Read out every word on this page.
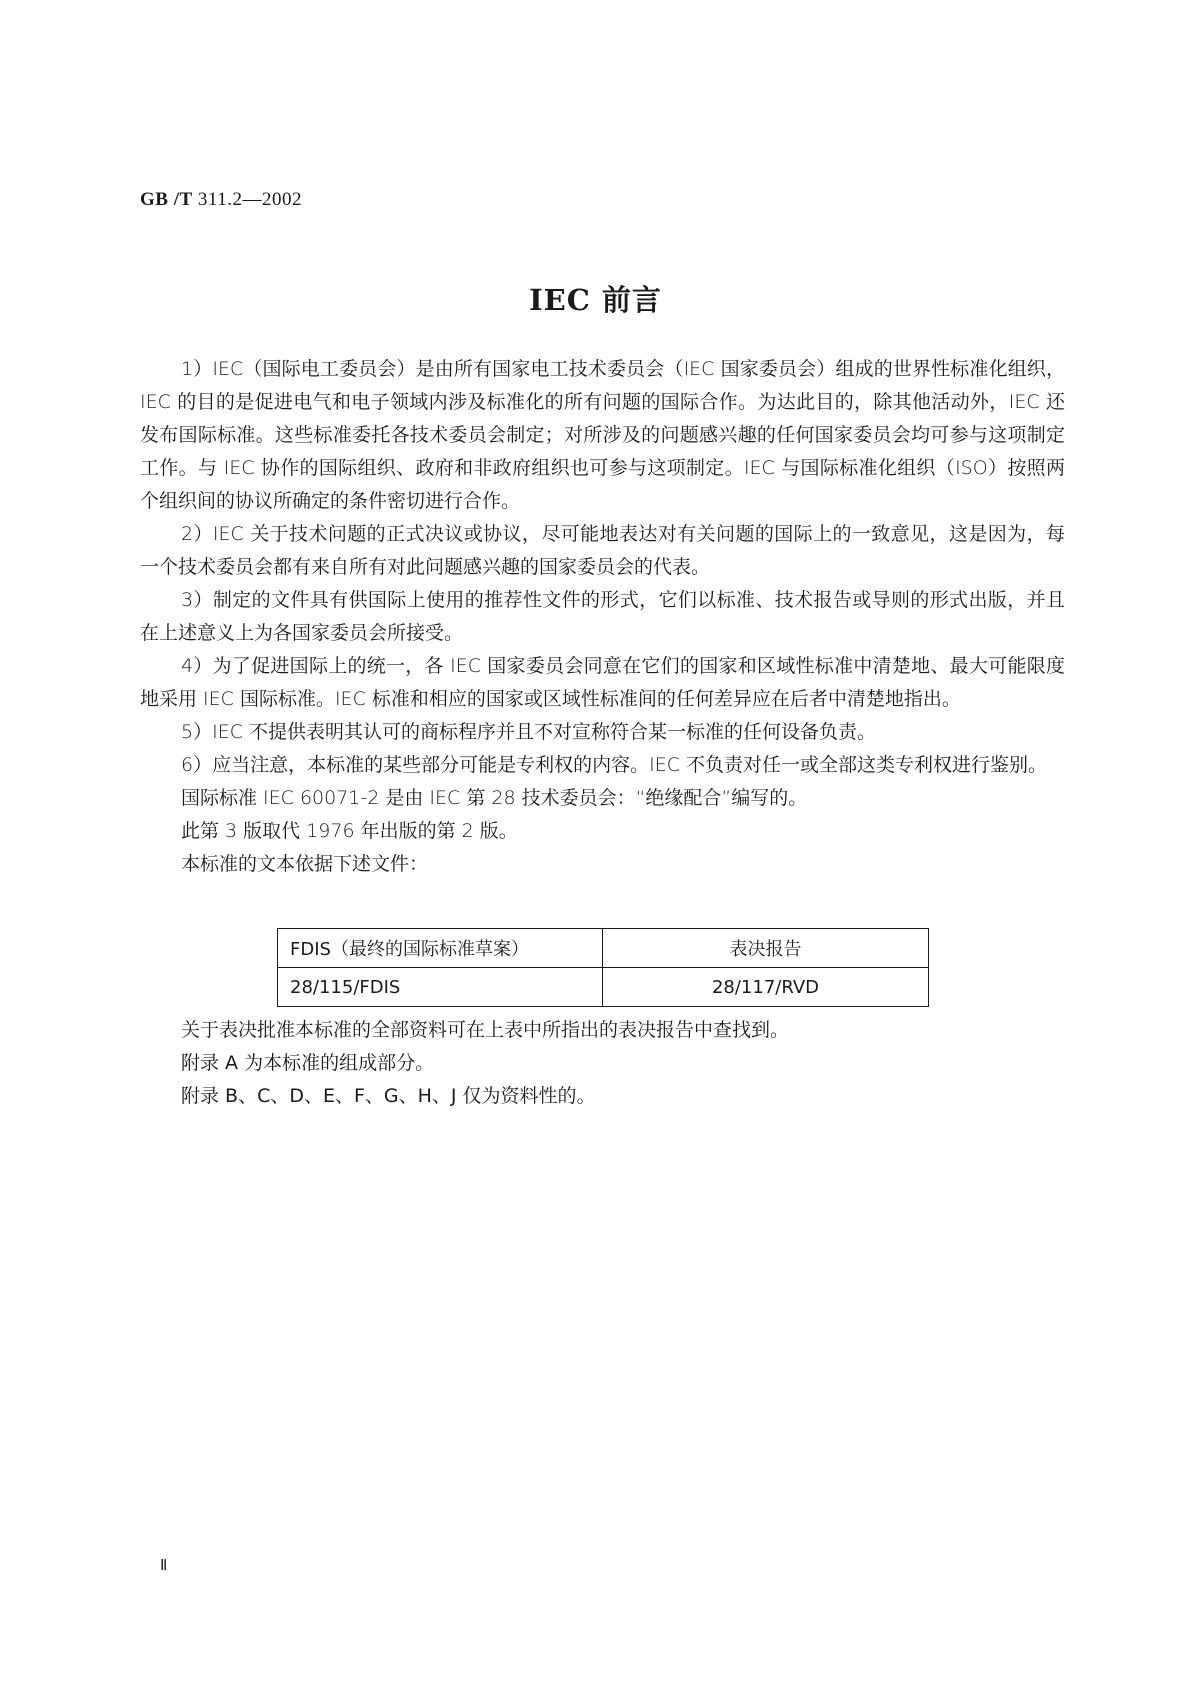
GB /T 311.2—2002
IEC 前言

1）IEC（国际电工委员会）是由所有国家电工技术委员会（IEC 国家委员会）组成的世界性标准化组织，IEC 的目的是促进电气和电子领域内涉及标准化的所有问题的国际合作。为达此目的，除其他活动外，IEC 还发布国际标准。这些标准委托各技术委员会制定；对所涉及的问题感兴趣的任何国家委员会均可参与这项制定工作。与 IEC 协作的国际组织、政府和非政府组织也可参与这项制定。IEC 与国际标准化组织（ISO）按照两个组织间的协议所确定的条件密切进行合作。

2）IEC 关于技术问题的正式决议或协议，尽可能地表达对有关问题的国际上的一致意见，这是因为，每一个技术委员会都有来自所有对此问题感兴趣的国家委员会的代表。

3）制定的文件具有供国际上使用的推荐性文件的形式，它们以标准、技术报告或导则的形式出版，并且在上述意义上为各国家委员会所接受。

4）为了促进国际上的统一，各 IEC 国家委员会同意在它们的国家和区域性标准中清楚地、最大可能限度地采用 IEC 国际标准。IEC 标准和相应的国家或区域性标准间的任何差异应在后者中清楚地指出。

5）IEC 不提供表明其认可的商标程序并且不对宣称符合某一标准的任何设备负责。

6）应当注意，本标准的某些部分可能是专利权的内容。IEC 不负责对任一或全部这类专利权进行鉴别。

国际标准 IEC 60071-2 是由 IEC 第 28 技术委员会：“绝缘配合”编写的。

此第 3 版取代 1976 年出版的第 2 版。

本标准的文本依据下述文件：

FDIS（最终的国际标准草案）	表决报告
28/115/FDIS	28/117/RVD

关于表决批准本标准的全部资料可在上表中所指出的表决报告中查找到。

附录 A 为本标准的组成部分。

附录 B、C、D、E、F、G、H、J 仅为资料性的。

Ⅱ
